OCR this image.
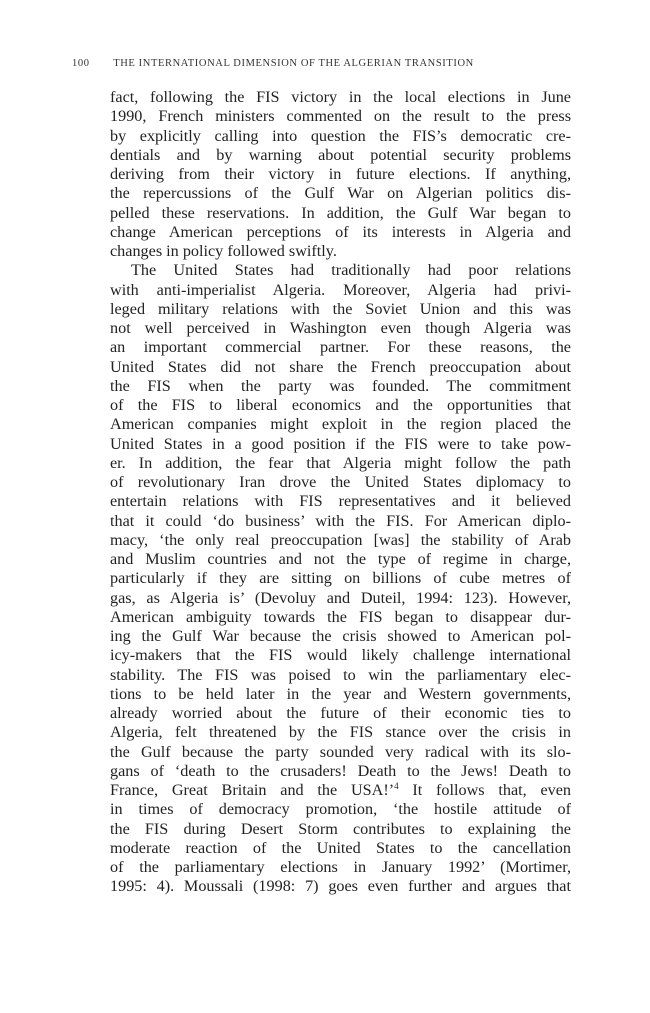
100 THE INTERNATIONAL DIMENSION OF THE ALGERIAN TRANSITION
fact, following the FIS victory in the local elections in June
1990, French ministers commented on the result to the press
by explicitly calling into question the FIS’s democratic cre-
dentials and by warning about potential security problems
deriving from their victory in future elections. If anything,
the repercussions of the Gulf War on Algerian politics dis-
pelled these reservations. In addition, the Gulf War began to
change American perceptions of its interests in Algeria and
changes in policy followed swiftly.
The United States had traditionally had poor relations
with anti-imperialist Algeria. Moreover, Algeria had privi-
leged military relations with the Soviet Union and this was
not well perceived in Washington even though Algeria was
an important commercial partner. For these reasons, the
United States did not share the French preoccupation about
the FIS when the party was founded. The commitment
of the FIS to liberal economics and the opportunities that
American companies might exploit in the region placed the
United States in a good position if the FIS were to take pow-
er. In addition, the fear that Algeria might follow the path
of revolutionary Iran drove the United States diplomacy to
entertain relations with FIS representatives and it believed
that it could ‘do business’ with the FIS. For American diplo-
macy, ‘the only real preoccupation [was] the stability of Arab
and Muslim countries and not the type of regime in charge,
particularly if they are sitting on billions of cube metres of
gas, as Algeria is’ (Devoluy and Duteil, 1994: 123). However,
American ambiguity towards the FIS began to disappear dur-
ing the Gulf War because the crisis showed to American pol-
icy-makers that the FIS would likely challenge international
stability. The FIS was poised to win the parliamentary elec-
tions to be held later in the year and Western governments,
already worried about the future of their economic ties to
Algeria, felt threatened by the FIS stance over the crisis in
the Gulf because the party sounded very radical with its slo-
gans of ‘death to the crusaders! Death to the Jews! Death to
France, Great Britain and the USA!’$^4$ It follows that, even
in times of democracy promotion, ‘the hostile attitude of
the FIS during Desert Storm contributes to explaining the
moderate reaction of the United States to the cancellation
of the parliamentary elections in January 1992’ (Mortimer,
1995: 4). Moussali (1998: 7) goes even further and argues that
